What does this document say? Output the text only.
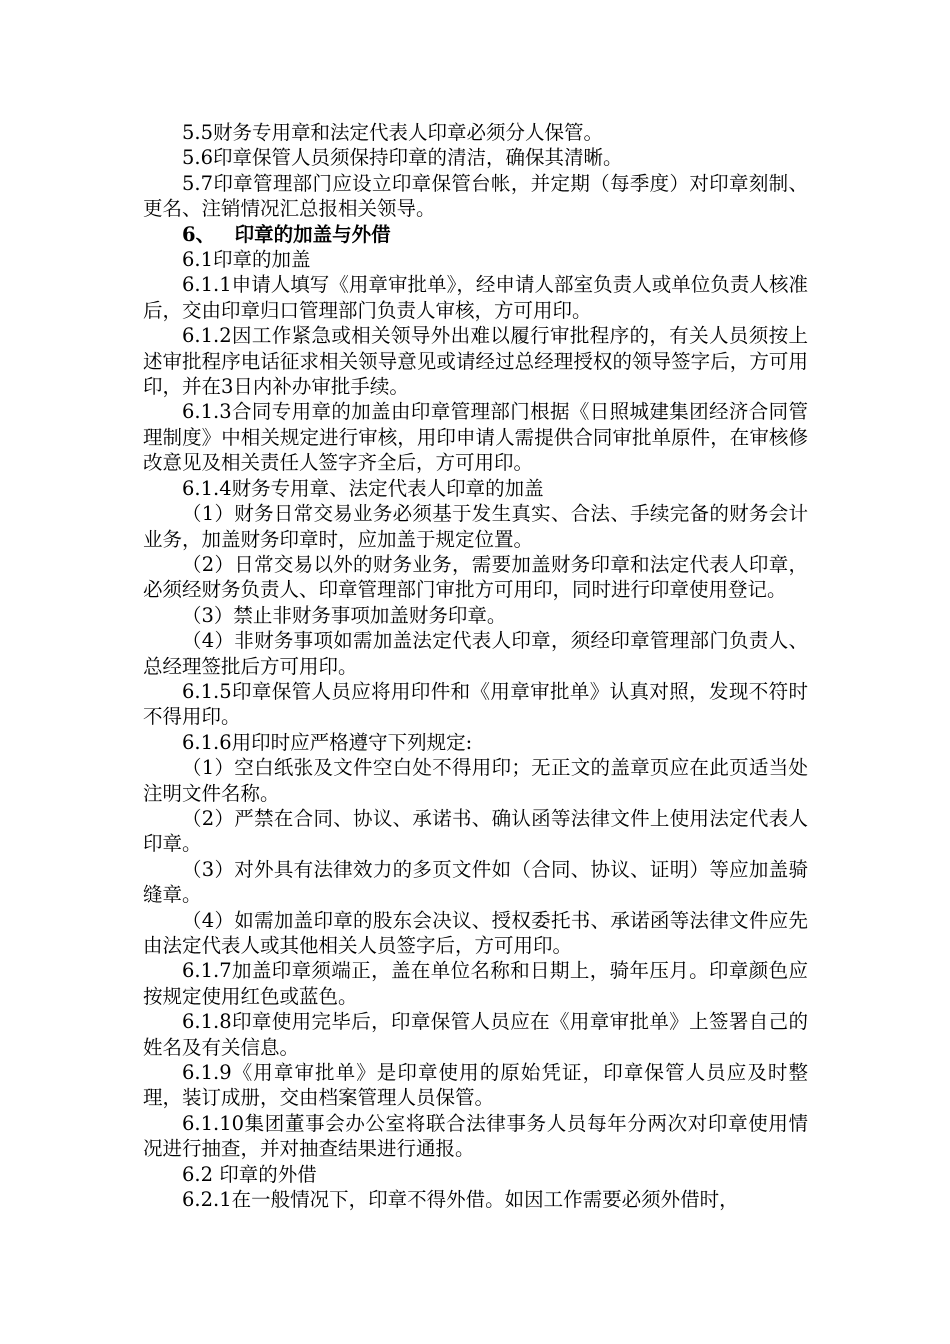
5.5财务专用章和法定代表人印章必须分人保管。

5.6印章保管人员须保持印章的清洁，确保其清晰。

5.7印章管理部门应设立印章保管台帐，并定期（每季度）对印章刻制、更名、注销情况汇总报相关领导。

6、 印章的加盖与外借

6.1印章的加盖

6.1.1申请人填写《用章审批单》，经申请人部室负责人或单位负责人核准后，交由印章归口管理部门负责人审核，方可用印。

6.1.2因工作紧急或相关领导外出难以履行审批程序的，有关人员须按上述审批程序电话征求相关领导意见或请经过总经理授权的领导签字后，方可用印，并在3日内补办审批手续。

6.1.3合同专用章的加盖由印章管理部门根据《日照城建集团经济合同管理制度》中相关规定进行审核，用印申请人需提供合同审批单原件，在审核修改意见及相关责任人签字齐全后，方可用印。

6.1.4财务专用章、法定代表人印章的加盖

（1）财务日常交易业务必须基于发生真实、合法、手续完备的财务会计业务，加盖财务印章时，应加盖于规定位置。

（2）日常交易以外的财务业务，需要加盖财务印章和法定代表人印章，必须经财务负责人、印章管理部门审批方可用印，同时进行印章使用登记。

（3）禁止非财务事项加盖财务印章。

（4）非财务事项如需加盖法定代表人印章，须经印章管理部门负责人、总经理签批后方可用印。

6.1.5印章保管人员应将用印件和《用章审批单》认真对照，发现不符时不得用印。

6.1.6用印时应严格遵守下列规定:

（1）空白纸张及文件空白处不得用印；无正文的盖章页应在此页适当处注明文件名称。

（2）严禁在合同、协议、承诺书、确认函等法律文件上使用法定代表人印章。

（3）对外具有法律效力的多页文件如（合同、协议、证明）等应加盖骑缝章。

（4）如需加盖印章的股东会决议、授权委托书、承诺函等法律文件应先由法定代表人或其他相关人员签字后，方可用印。

6.1.7加盖印章须端正，盖在单位名称和日期上，骑年压月。印章颜色应按规定使用红色或蓝色。

6.1.8印章使用完毕后，印章保管人员应在《用章审批单》上签署自己的姓名及有关信息。

6.1.9《用章审批单》是印章使用的原始凭证，印章保管人员应及时整理，装订成册，交由档案管理人员保管。

6.1.10集团董事会办公室将联合法律事务人员每年分两次对印章使用情况进行抽查，并对抽查结果进行通报。

6.2 印章的外借

6.2.1在一般情况下，印章不得外借。如因工作需要必须外借时，
